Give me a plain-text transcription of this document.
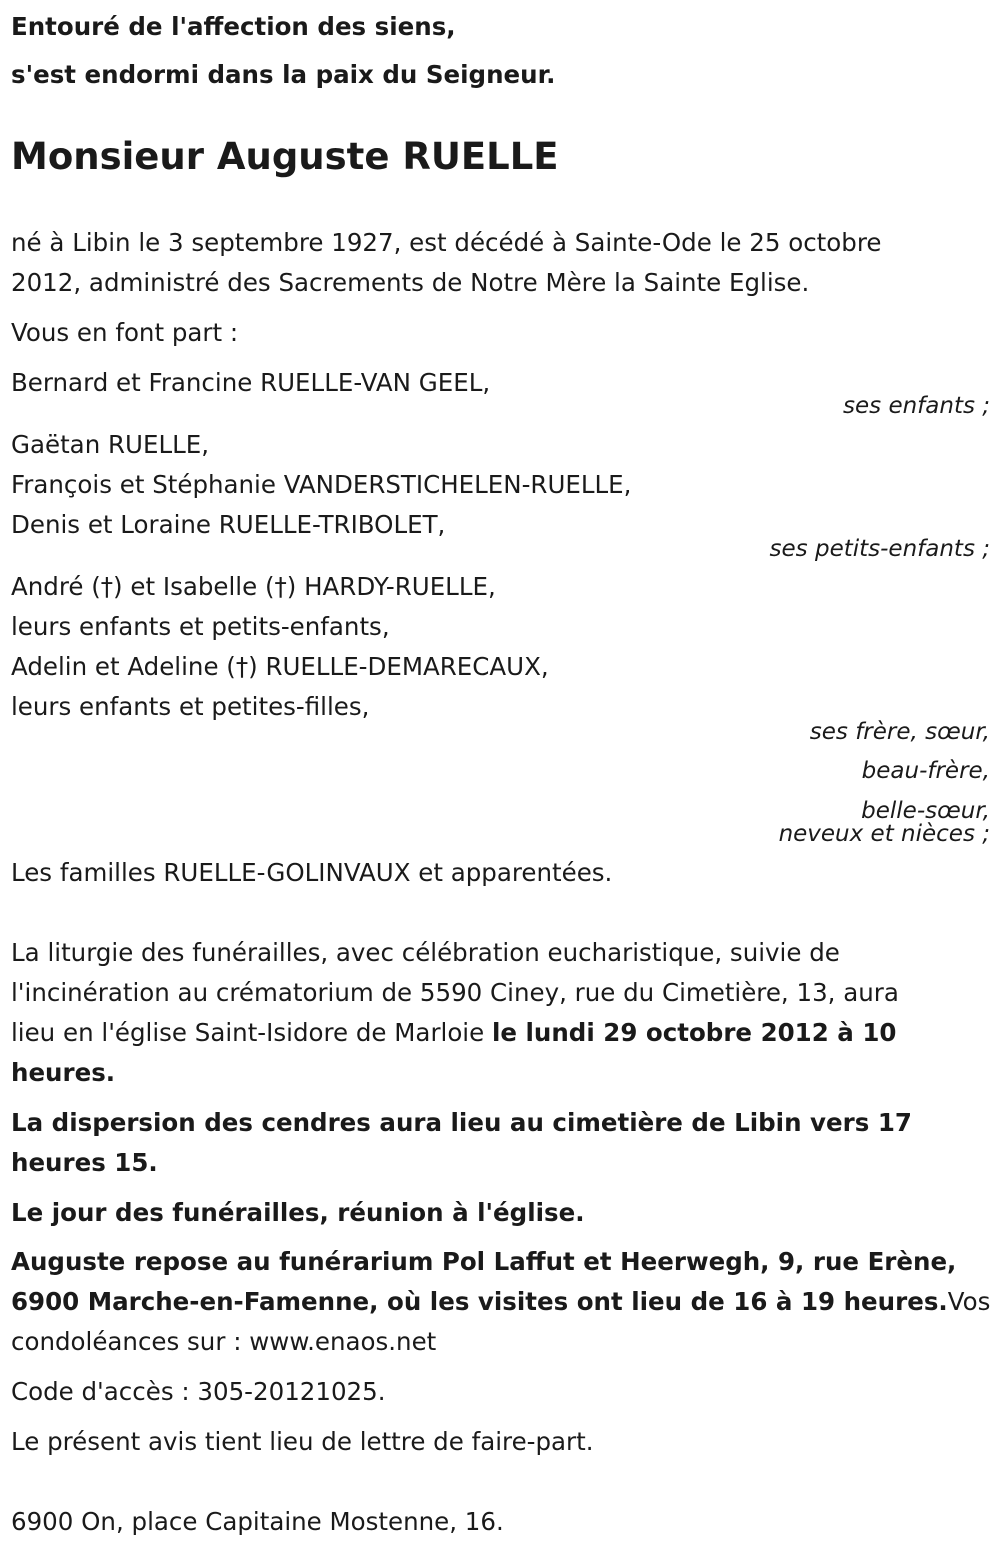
Entouré de l'affection des siens,
s'est endormi dans la paix du Seigneur.
Monsieur Auguste RUELLE
né à Libin le 3 septembre 1927, est décédé à Sainte-Ode le 25 octobre
2012, administré des Sacrements de Notre Mère la Sainte Eglise.
Vous en font part :
Bernard et Francine RUELLE-VAN GEEL,
ses enfants ;
Gaëtan RUELLE,
François et Stéphanie VANDERSTICHELEN-RUELLE,
Denis et Loraine RUELLE-TRIBOLET,
ses petits-enfants ;
André (†) et Isabelle (†) HARDY-RUELLE,
leurs enfants et petits-enfants,
Adelin et Adeline (†) RUELLE-DEMARECAUX,
leurs enfants et petites-filles,
ses frère, sœur,
beau-frère,
belle-sœur,
neveux et nièces ;
Les familles RUELLE-GOLINVAUX et apparentées.
La liturgie des funérailles, avec célébration eucharistique, suivie de
l'incinération au crématorium de 5590 Ciney, rue du Cimetière, 13, aura
lieu en l'église Saint-Isidore de Marloie le lundi 29 octobre 2012 à 10
heures.
La dispersion des cendres aura lieu au cimetière de Libin vers 17
heures 15.
Le jour des funérailles, réunion à l'église.
Auguste repose au funérarium Pol Laffut et Heerwegh, 9, rue Erène,
6900 Marche-en-Famenne, où les visites ont lieu de 16 à 19 heures.Vos
condoléances sur : www.enaos.net
Code d'accès : 305-20121025.
Le présent avis tient lieu de lettre de faire-part.
6900 On, place Capitaine Mostenne, 16.
